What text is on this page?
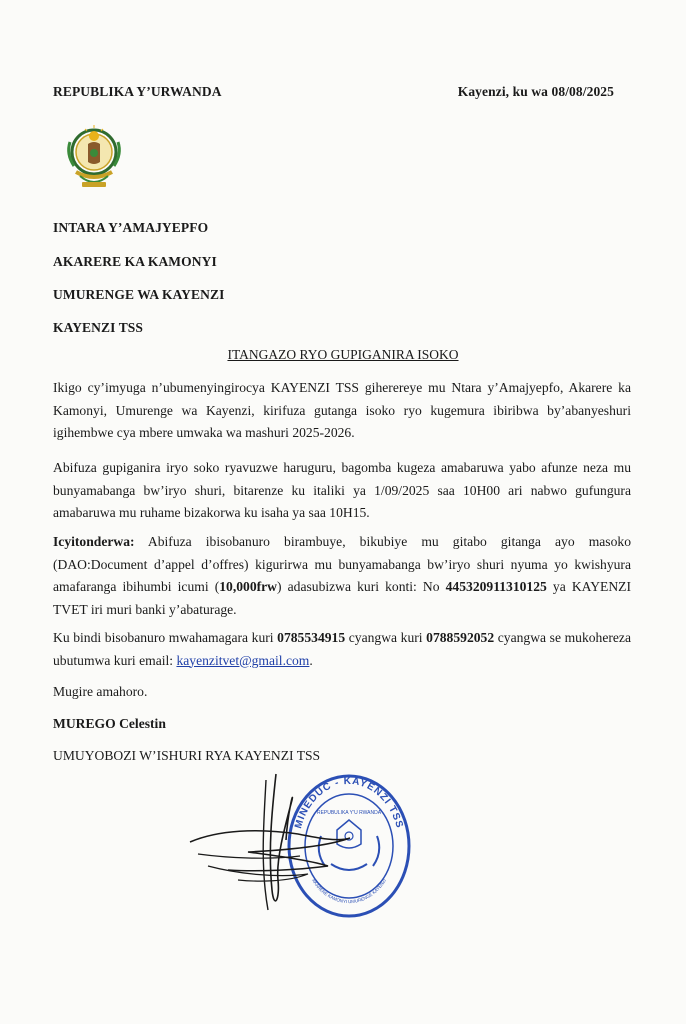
REPUBLIKA Y’URWANDA	Kayenzi, ku wa 08/08/2025
INTARA Y’AMAJYEPFO
AKARERE KA KAMONYI
UMURENGE WA KAYENZI
KAYENZI TSS
ITANGAZO RYO GUPIGANIRA ISOKO
Ikigo cy’imyuga n’ubumenyingirocya KAYENZI TSS giherereye mu Ntara y’Amajyepfo, Akarere ka Kamonyi, Umurenge wa Kayenzi, kirifuza gutanga isoko ryo kugemura ibiribwa by’abanyeshuri igihembwe cya mbere umwaka wa mashuri 2025-2026.
Abifuza gupiganira iryo soko ryavuzwe haruguru, bagomba kugeza amabaruwa yabo afunze neza mu bunyamabanga bw’iryo shuri, bitarenze ku italiki ya 1/09/2025 saa 10H00 ari nabwo gufungura amabaruwa mu ruhame bizakorwa ku isaha ya saa 10H15.
Icyitonderwa: Abifuza ibisobanuro birambuye, bikubiye mu gitabo gitanga ayo masoko (DAO:Document d’appel d’offres) kigurirwa mu bunyamabanga bw’iryo shuri nyuma yo kwishyura amafaranga ibihumbi icumi (10,000frw) adasubizwa kuri konti: No 445320911310125 ya KAYENZI TVET iri muri banki y’abaturage.
Ku bindi bisobanuro mwahamagara kuri 0785534915 cyangwa kuri 0788592052 cyangwa se mukohereza ubutumwa kuri email: kayenzitvet@gmail.com.
Mugire amahoro.
MUREGO Celestin
UMUYOBOZI W’ISHURI RYA KAYENZI TSS
MINEDUC - KAYENZI TSS
REPUBULIKA Y’U RWANDA
AKARERE KAMONYI UMURENGE KAYENZI
